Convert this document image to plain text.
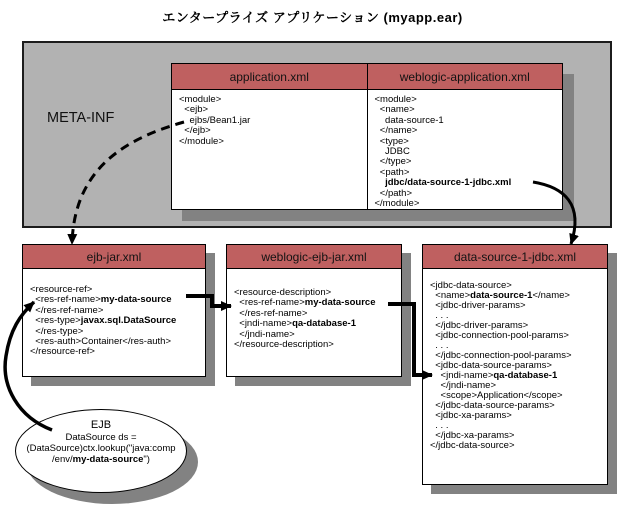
エンタープライズ アプリケーション (myapp.ear)
META-INF
application.xml
<module>
<ejb>
ejbs/Bean1.jar
</ejb>
</module>
weblogic-application.xml
<module>
<name>
data-source-1
</name>
<type>
JDBC
</type>
<path>
jdbc/data-source-1-jdbc.xml
</path>
</module>
ejb-jar.xml
<resource-ref>
<res-ref-name>my-data-source
</res-ref-name>
<res-type>javax.sql.DataSource
</res-type>
<res-auth>Container</res-auth>
</resource-ref>
weblogic-ejb-jar.xml
<resource-description>
<res-ref-name>my-data-source
</res-ref-name>
<jndi-name>qa-database-1
</jndi-name>
</resource-description>
data-source-1-jdbc.xml
<jdbc-data-source>
<name>data-source-1</name>
<jdbc-driver-params>
. . .
</jdbc-driver-params>
<jdbc-connection-pool-params>
. . .
</jdbc-connection-pool-params>
<jdbc-data-source-params>
<jndi-name>qa-database-1
</jndi-name>
<scope>Application</scope>
</jdbc-data-source-params>
<jdbc-xa-params>
. . .
</jdbc-xa-params>
</jdbc-data-source>
EJB
DataSource ds =
(DataSource)ctx.lookup("java:comp
/env/my-data-source")
